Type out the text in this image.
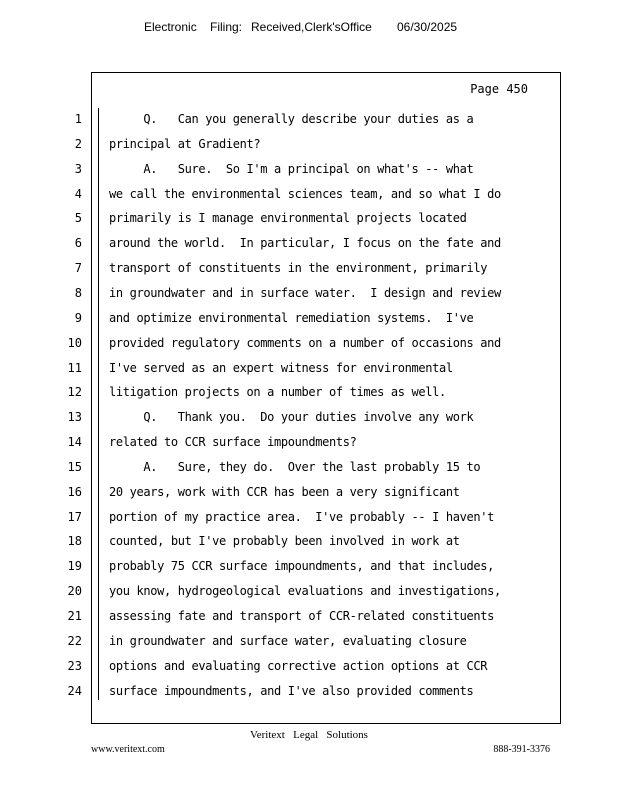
Electronic Filing: Received,Clerk'sOffice 06/30/2025
Page 450
1 Q.   Can you generally describe your duties as a
2 principal at Gradient?
3 A.   Sure.  So I'm a principal on what's -- what
4 we call the environmental sciences team, and so what I do
5 primarily is I manage environmental projects located
6 around the world.  In particular, I focus on the fate and
7 transport of constituents in the environment, primarily
8 in groundwater and in surface water.  I design and review
9 and optimize environmental remediation systems.  I've
10 provided regulatory comments on a number of occasions and
11 I've served as an expert witness for environmental
12 litigation projects on a number of times as well.
13 Q.   Thank you.  Do your duties involve any work
14 related to CCR surface impoundments?
15 A.   Sure, they do.  Over the last probably 15 to
16 20 years, work with CCR has been a very significant
17 portion of my practice area.  I've probably -- I haven't
18 counted, but I've probably been involved in work at
19 probably 75 CCR surface impoundments, and that includes,
20 you know, hydrogeological evaluations and investigations,
21 assessing fate and transport of CCR-related constituents
22 in groundwater and surface water, evaluating closure
23 options and evaluating corrective action options at CCR
24 surface impoundments, and I've also provided comments
Veritext   Legal   Solutions
www.veritext.com	888-391-3376
